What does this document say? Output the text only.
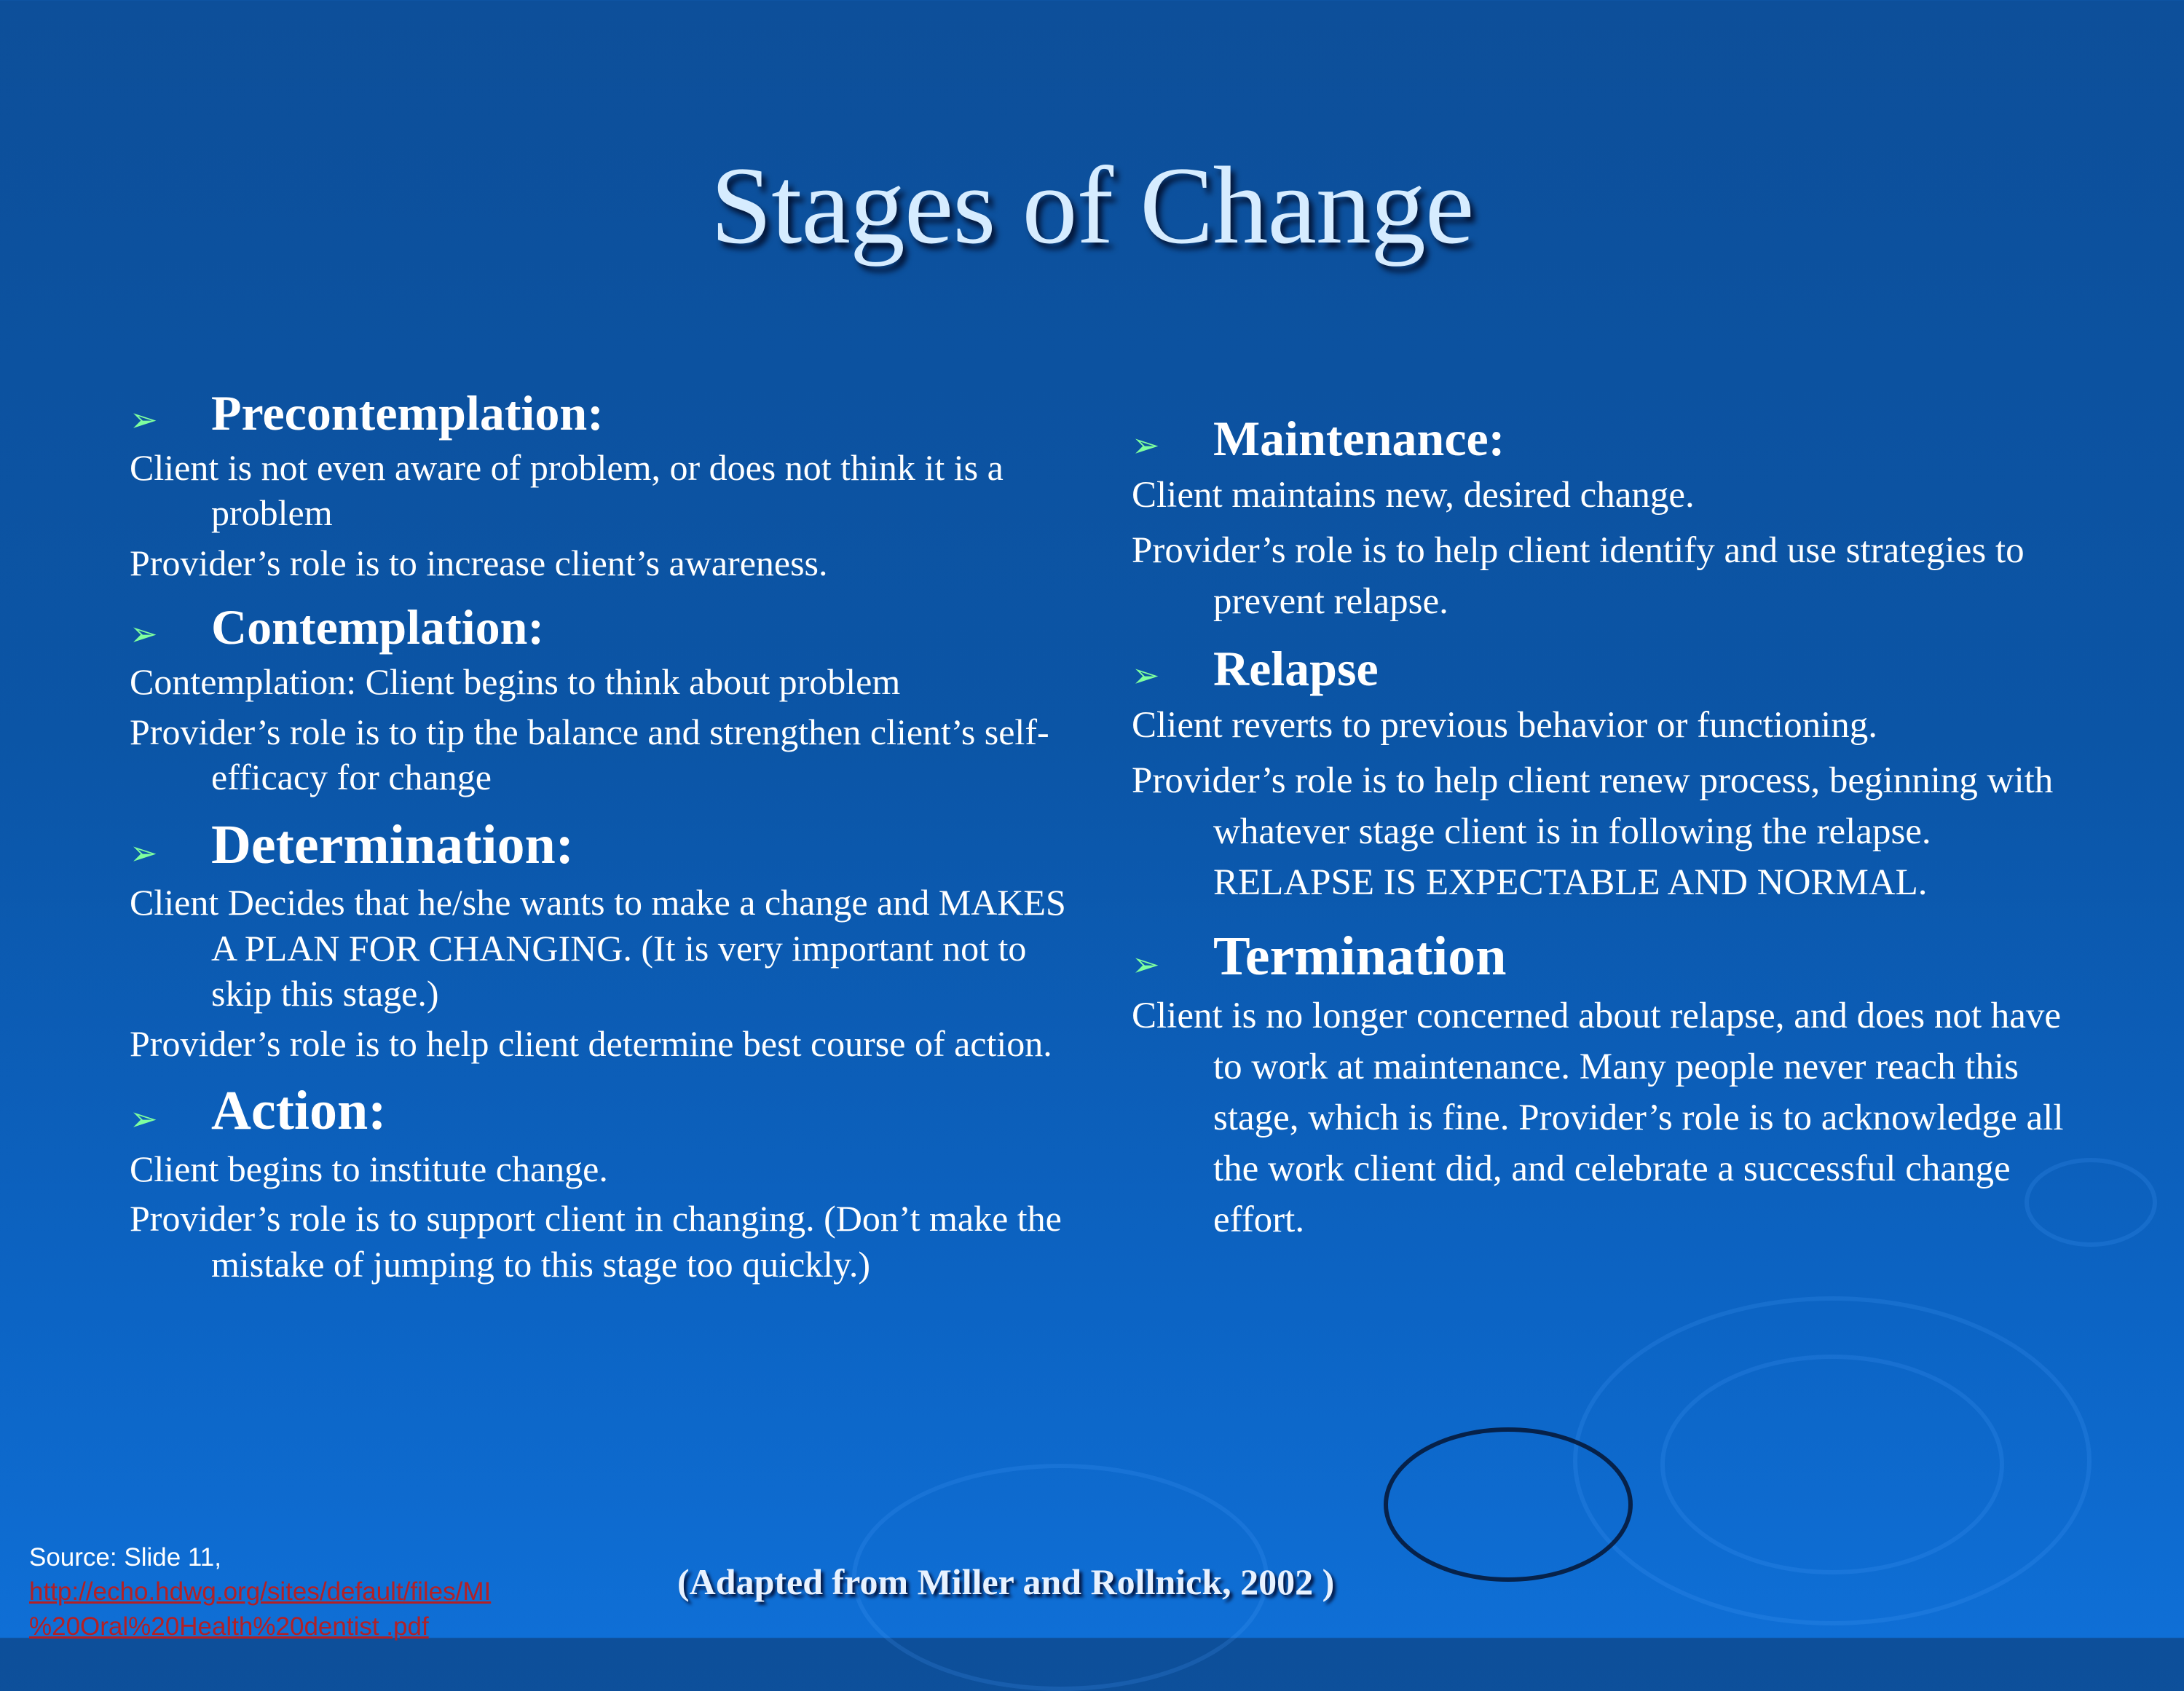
Stages of Change
➢ Precontemplation:
Client is not even aware of problem, or does not think it is a problem
Provider’s role is to increase client’s awareness.
➢ Contemplation:
Contemplation: Client begins to think about problem
Provider’s role is to tip the balance and strengthen client’s self-efficacy for change
➢ Determination:
Client Decides that he/she wants to make a change and MAKES A PLAN FOR CHANGING. (It is very important not to skip this stage.)
Provider’s role is to help client determine best course of action.
➢ Action:
Client begins to institute change.
Provider’s role is to support client in changing. (Don’t make the mistake of jumping to this stage too quickly.)
➢ Maintenance:
Client maintains new, desired change.
Provider’s role is to help client identify and use strategies to prevent relapse.
➢ Relapse
Client reverts to previous behavior or functioning.
Provider’s role is to help client renew process, beginning with whatever stage client is in following the relapse. RELAPSE IS EXPECTABLE AND NORMAL.
➢ Termination
Client is no longer concerned about relapse, and does not have to work at maintenance. Many people never reach this stage, which is fine. Provider’s role is to acknowledge all the work client did, and celebrate a successful change effort.
Source: Slide 11,
http://echo.hdwg.org/sites/default/files/MI
%20Oral%20Health%20dentist .pdf
(Adapted from Miller and Rollnick, 2002 )
